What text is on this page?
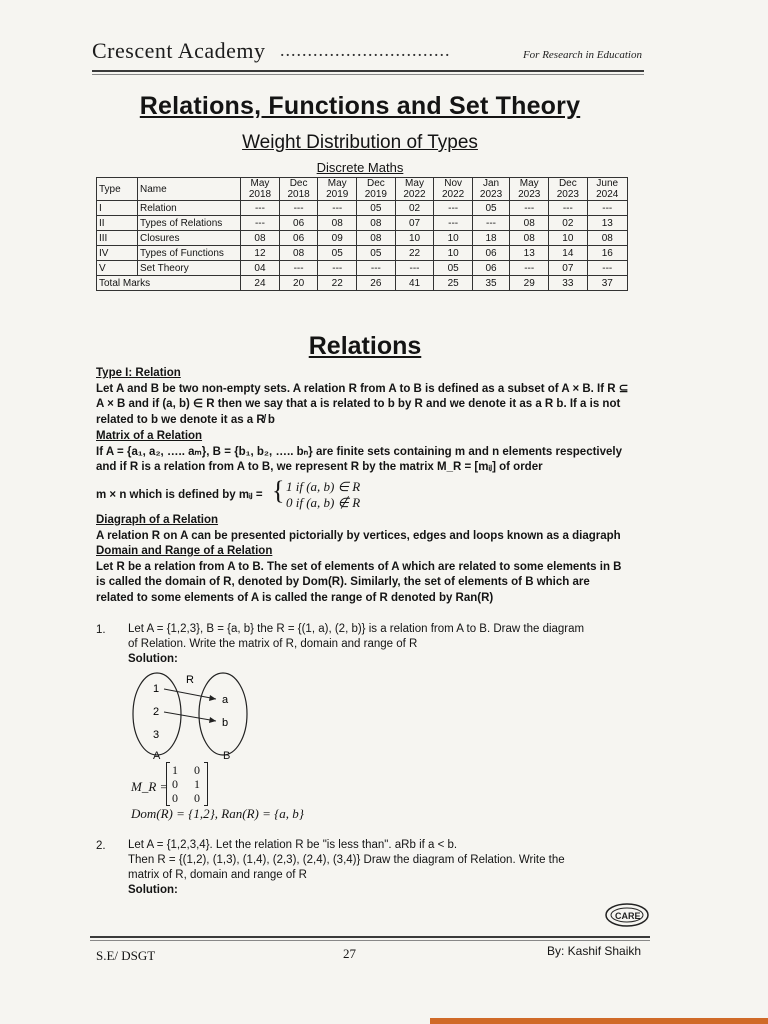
Crescent Academy ...............................	For Research in Education
Relations, Functions and Set Theory
Weight Distribution of Types
Discrete Maths
Type	Name	May 2018	Dec 2018	May 2019	Dec 2019	May 2022	Nov 2022	Jan 2023	May 2023	Dec 2023	June 2024
I	Relation	---	---	---	05	02	---	05	---	---	---
II	Types of Relations	---	06	08	08	07	---	---	08	02	13
III	Closures	08	06	09	08	10	10	18	08	10	08
IV	Types of Functions	12	08	05	05	22	10	06	13	14	16
V	Set Theory	04	---	---	---	---	05	06	---	07	---
Total Marks		24	20	22	26	41	25	35	29	33	37
Relations
Type I: Relation
Let A and B be two non-empty sets. A relation R from A to B is defined as a subset of A × B. If R ⊆ A × B and if (a, b) ∈ R then we say that a is related to b by R and we denote it as a R b. If a is not related to b we denote it as a R̸ b
Matrix of a Relation
If A = {a₁, a₂, ….. aₘ}, B = {b₁, b₂, ….. bₙ} are finite sets containing m and n elements respectively and if R is a relation from A to B, we represent R by the matrix M_R = [mᵢⱼ] of order
m × n which is defined by mᵢⱼ = { 1 if (a, b) ∈ R
0 if (a, b) ∉ R
Diagraph of a Relation
A relation R on A can be presented pictorially by vertices, edges and loops known as a diagraph
Domain and Range of a Relation
Let R be a relation from A to B. The set of elements of A which are related to some elements in B is called the domain of R, denoted by Dom(R). Similarly, the set of elements of B which are related to some elements of A is called the range of R denoted by Ran(R)
1. Let A = {1,2,3}, B = {a, b} the R = {(1, a), (2, b)} is a relation from A to B. Draw the diagram
of Relation. Write the matrix of R, domain and range of R
Solution:
1
2
3
a
b
R
A	B
M_R =
1 0
0 1
0 0
Dom(R) = {1,2}, Ran(R) = {a, b}
2. Let A = {1,2,3,4}. Let the relation R be "is less than". aRb if a < b.
Then R = {(1,2), (1,3), (1,4), (2,3), (2,4), (3,4)} Draw the diagram of Relation. Write the
matrix of R, domain and range of R
Solution:
CARE
S.E/ DSGT	27	By: Kashif Shaikh
